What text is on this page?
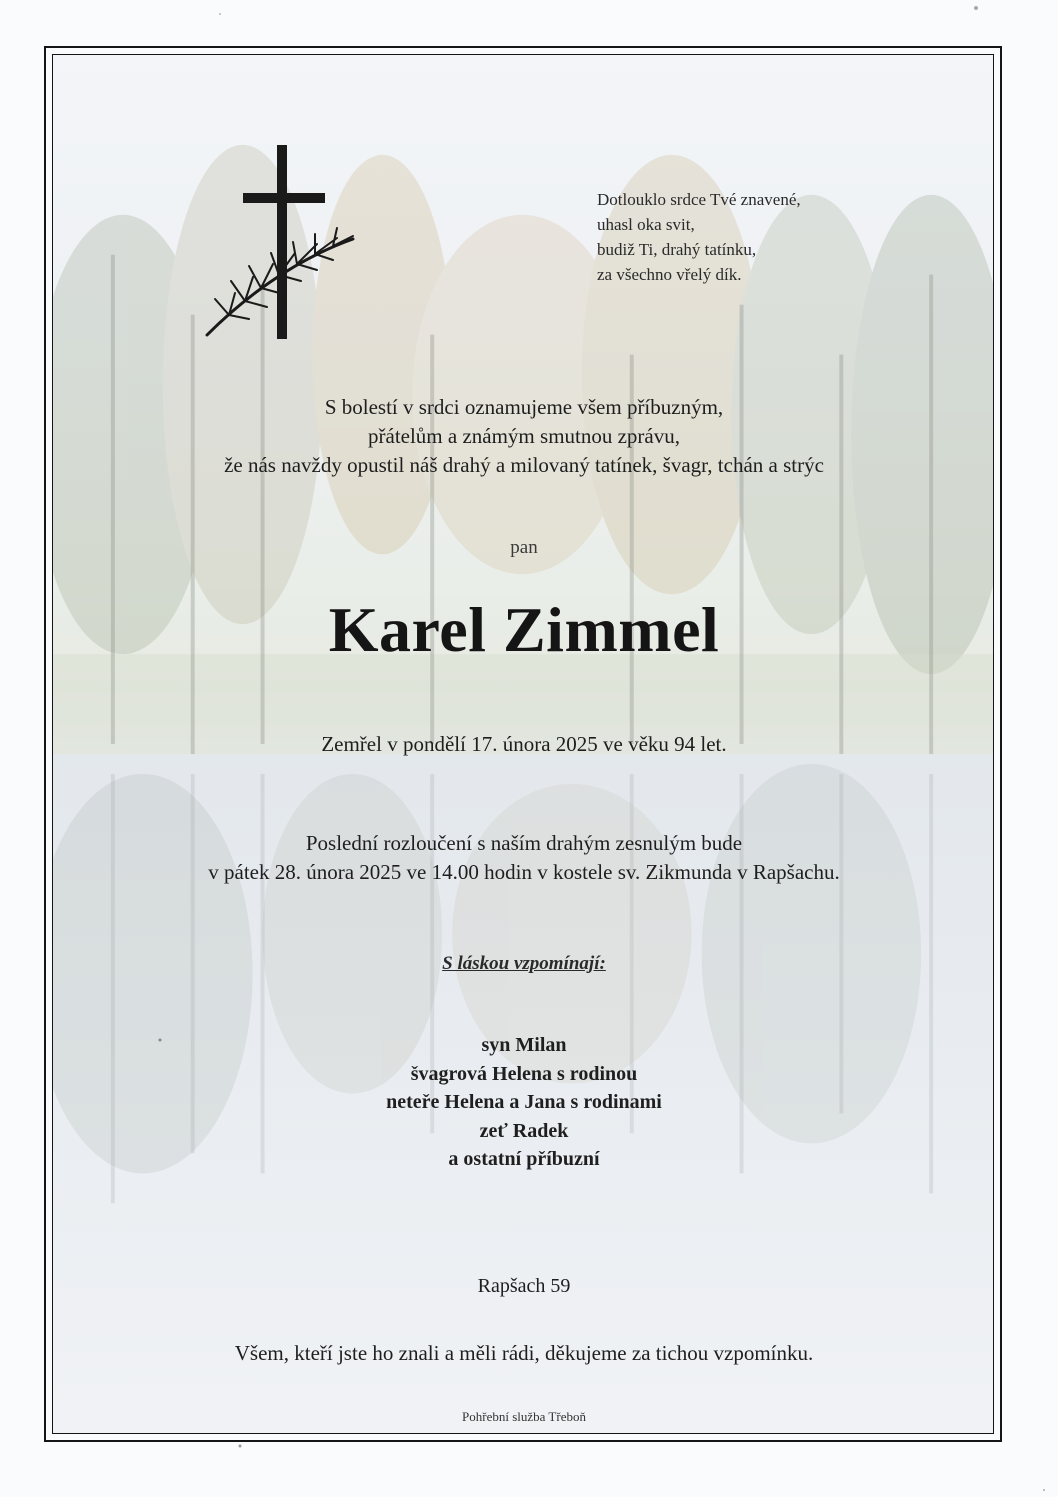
Dotlouklo srdce Tvé znavené,
uhasl oka svit,
budiž Ti, drahý tatínku,
za všechno vřelý dík.
S bolestí v srdci oznamujeme všem příbuzným,
přátelům a známým smutnou zprávu,
že nás navždy opustil náš drahý a milovaný tatínek, švagr, tchán a strýc
pan
Karel Zimmel
Zemřel v pondělí 17. února 2025 ve věku 94 let.
Poslední rozloučení s naším drahým zesnulým bude
v pátek 28. února 2025 ve 14.00 hodin v kostele sv. Zikmunda v Rapšachu.
S láskou vzpomínají:
syn Milan
švagrová Helena s rodinou
neteře Helena a Jana s rodinami
zeť Radek
a ostatní příbuzní
Rapšach 59
Všem, kteří jste ho znali a měli rádi, děkujeme za tichou vzpomínku.
Pohřební služba Třeboň
